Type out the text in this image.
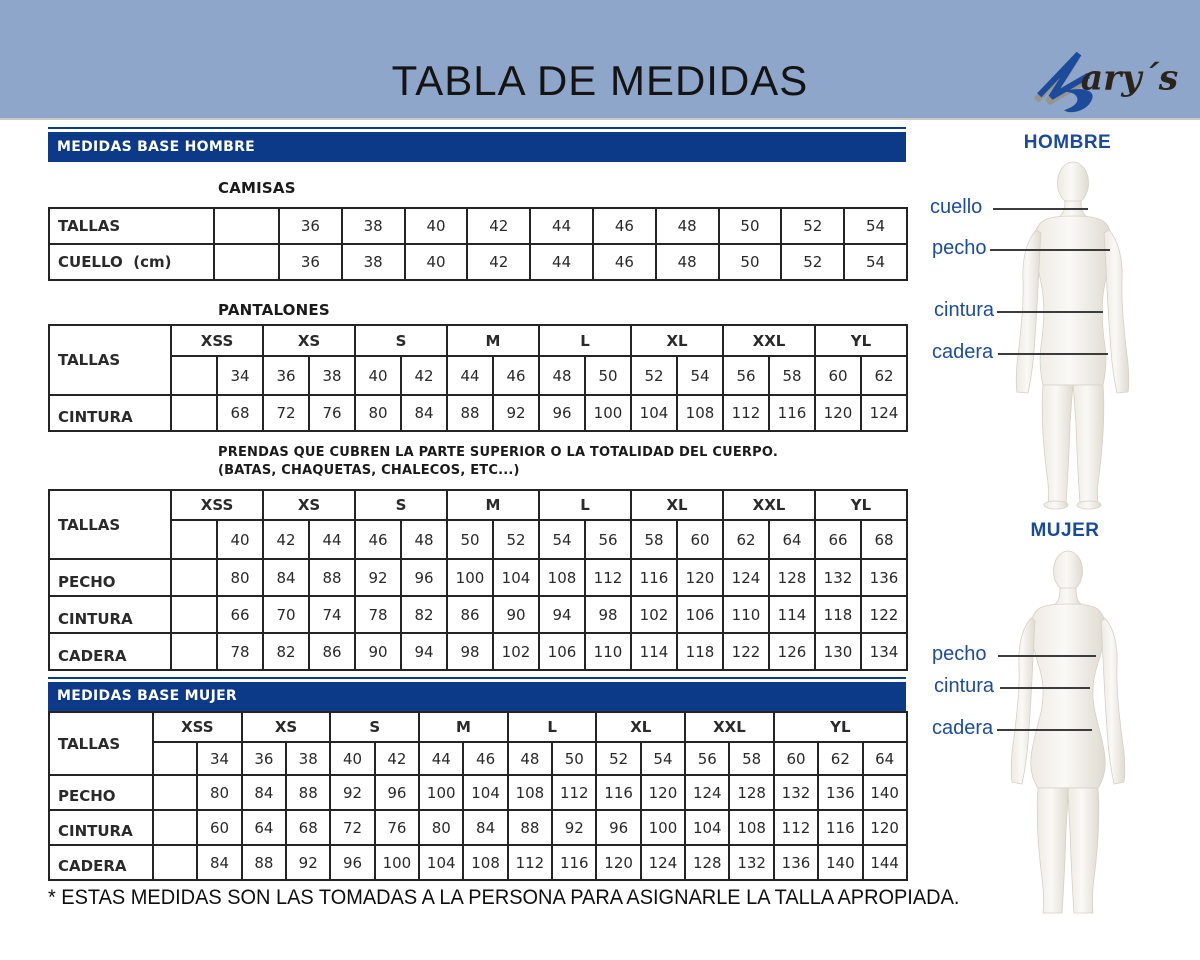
TABLA DE MEDIDAS	ary´s
MEDIDAS BASE HOMBRE
CAMISAS
TALLAS		36	38	40	42	44	46	48	50	52	54
CUELLO  (cm)		36	38	40	42	44	46	48	50	52	54
PANTALONES
TALLAS	XSS		XS		S		M		L		XL		XXL		YL	
		34	36	38	40	42	44	46	48	50	52	54	56	58	60	62
CINTURA		68	72	76	80	84	88	92	96	100	104	108	112	116	120	124
PRENDAS QUE CUBREN LA PARTE SUPERIOR O LA TOTALIDAD DEL CUERPO.
(BATAS, CHAQUETAS, CHALECOS, ETC...)
TALLAS	XSS		XS		S		M		L		XL		XXL		YL	
		40	42	44	46	48	50	52	54	56	58	60	62	64	66	68
PECHO		80	84	88	92	96	100	104	108	112	116	120	124	128	132	136
CINTURA		66	70	74	78	82	86	90	94	98	102	106	110	114	118	122
CADERA		78	82	86	90	94	98	102	106	110	114	118	122	126	130	134
MEDIDAS BASE MUJER
TALLAS	XSS		XS		S		M		L		XL		XXL		YL		
		34	36	38	40	42	44	46	48	50	52	54	56	58	60	62	64
PECHO		80	84	88	92	96	100	104	108	112	116	120	124	128	132	136	140
CINTURA		60	64	68	72	76	80	84	88	92	96	100	104	108	112	116	120
CADERA		84	88	92	96	100	104	108	112	116	120	124	128	132	136	140	144
* ESTAS MEDIDAS SON LAS TOMADAS A LA PERSONA PARA ASIGNARLE LA TALLA APROPIADA.
HOMBRE
cuello
pecho
cintura
cadera
MUJER
pecho
cintura
cadera
